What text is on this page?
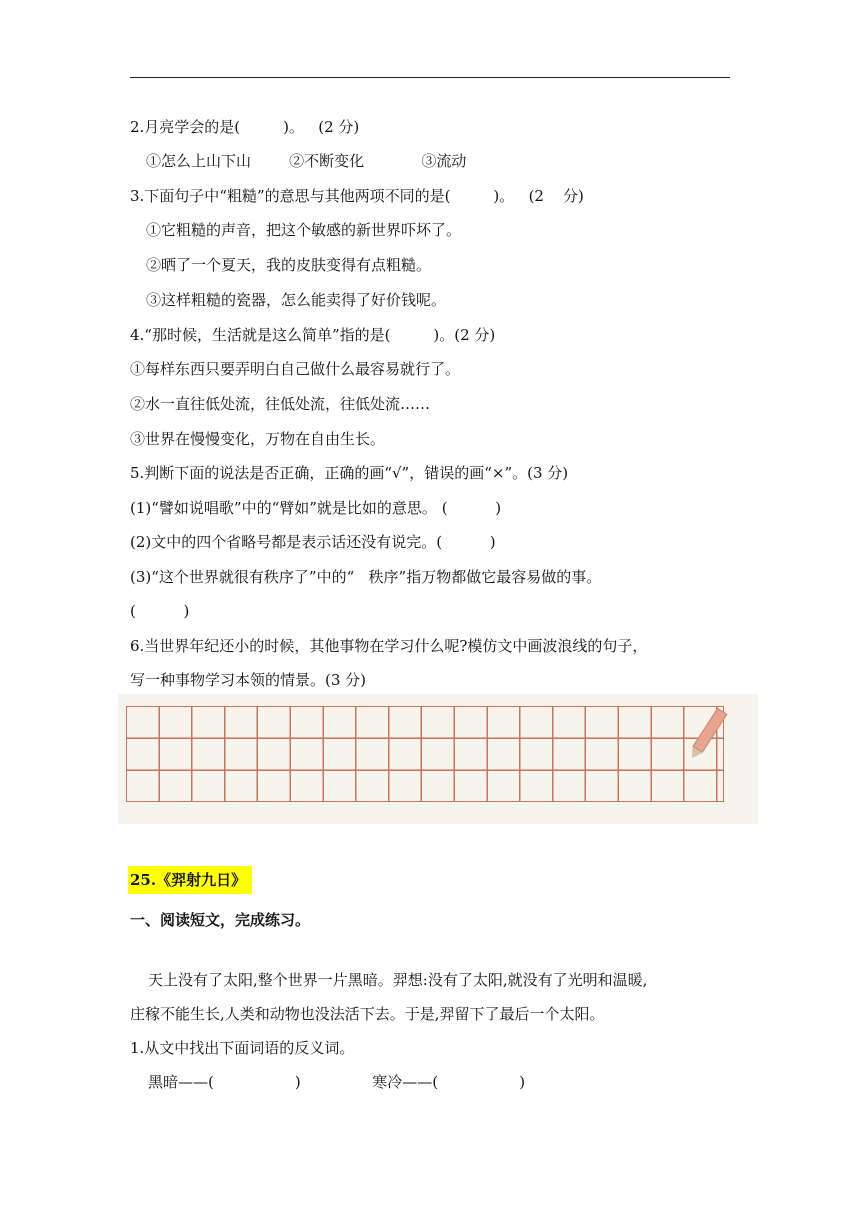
2.月亮学会的是(         )。   (2 分)
①怎么上山下山        ②不断变化            ③流动
3.下面句子中“粗糙”的意思与其他两项不同的是(         )。   (2    分)
①它粗糙的声音，把这个敏感的新世界吓坏了。
②晒了一个夏天，我的皮肤变得有点粗糙。
③这样粗糙的瓷器，怎么能卖得了好价钱呢。
4.“那时候，生活就是这么简单”指的是(         )。(2 分)
①每样东西只要弄明白自己做什么最容易就行了。
②水一直往低处流，往低处流，往低处流……
③世界在慢慢变化，万物在自由生长。
5.判断下面的说法是否正确，正确的画“√”，错误的画“×”。(3 分)
(1)“譬如说唱歌”中的“臂如”就是比如的意思。 (          )
(2)文中的四个省略号都是表示话还没有说完。(          )
(3)“这个世界就很有秩序了”中的“   秩序”指万物都做它最容易做的事。
(          )
6.当世界年纪还小的时候，其他事物在学习什么呢?模仿文中画波浪线的句子，
写一种事物学习本领的情景。(3 分)

25.《羿射九日》
一、阅读短文，完成练习。
天上没有了太阳,整个世界一片黑暗。羿想:没有了太阳,就没有了光明和温暖,
庄稼不能生长,人类和动物也没法活下去。于是,羿留下了最后一个太阳。
1.从文中找出下面词语的反义词。
黑暗——(                 )               寒冷——(                 )
